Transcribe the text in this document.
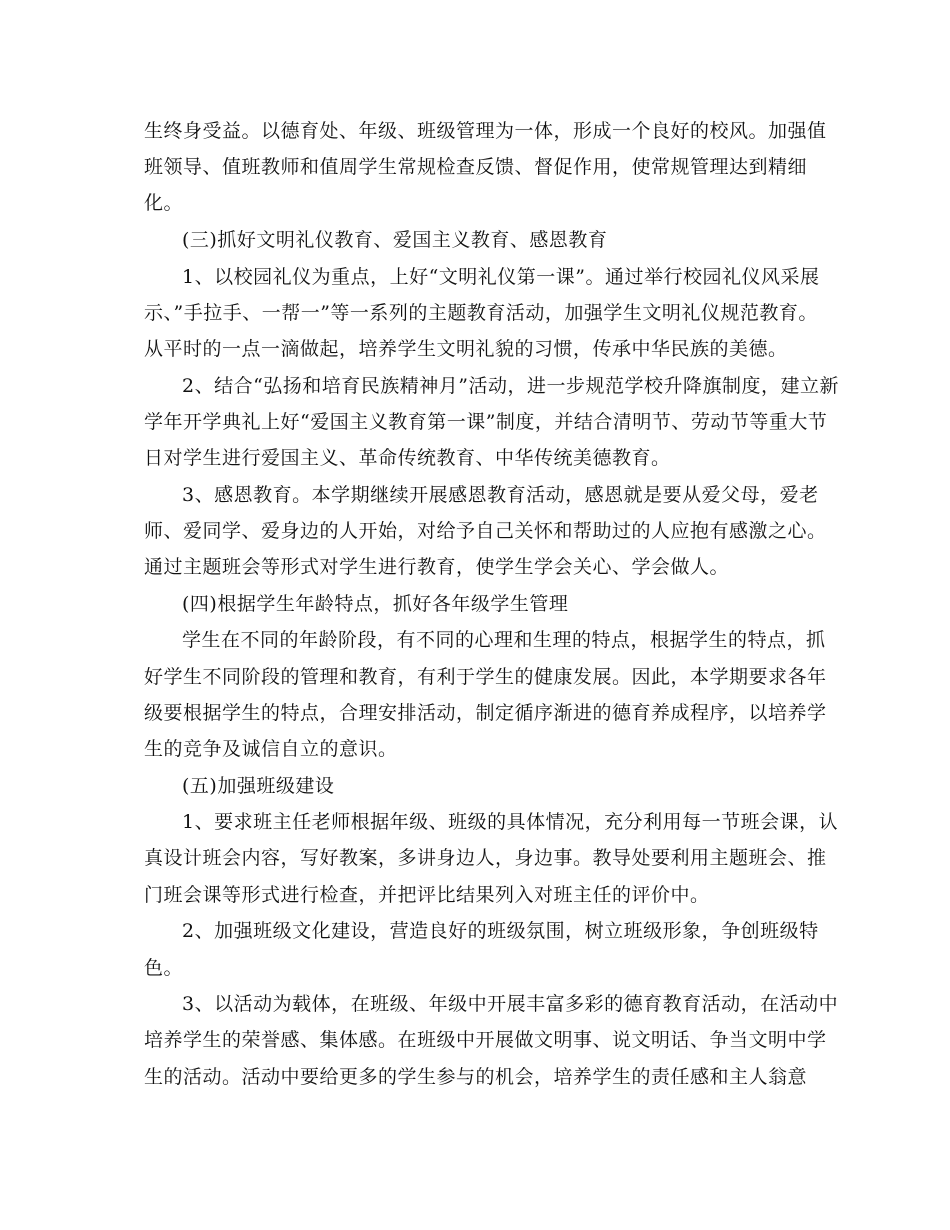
生终身受益。以德育处、年级、班级管理为一体，形成一个良好的校风。加强值
班领导、值班教师和值周学生常规检查反馈、督促作用，使常规管理达到精细
化。
(三)抓好文明礼仪教育、爱国主义教育、感恩教育
1、以校园礼仪为重点，上好“文明礼仪第一课”。通过举行校园礼仪风采展
示、”手拉手、一帮一”等一系列的主题教育活动，加强学生文明礼仪规范教育。
从平时的一点一滴做起，培养学生文明礼貌的习惯，传承中华民族的美德。
2、结合“弘扬和培育民族精神月”活动，进一步规范学校升降旗制度，建立新
学年开学典礼上好“爱国主义教育第一课”制度，并结合清明节、劳动节等重大节
日对学生进行爱国主义、革命传统教育、中华传统美德教育。
3、感恩教育。本学期继续开展感恩教育活动，感恩就是要从爱父母，爱老
师、爱同学、爱身边的人开始，对给予自己关怀和帮助过的人应抱有感激之心。
通过主题班会等形式对学生进行教育，使学生学会关心、学会做人。
(四)根据学生年龄特点，抓好各年级学生管理
学生在不同的年龄阶段，有不同的心理和生理的特点，根据学生的特点，抓
好学生不同阶段的管理和教育，有利于学生的健康发展。因此，本学期要求各年
级要根据学生的特点，合理安排活动，制定循序渐进的德育养成程序，以培养学
生的竞争及诚信自立的意识。
(五)加强班级建设
1、要求班主任老师根据年级、班级的具体情况，充分利用每一节班会课，认
真设计班会内容，写好教案，多讲身边人，身边事。教导处要利用主题班会、推
门班会课等形式进行检查，并把评比结果列入对班主任的评价中。
2、加强班级文化建设，营造良好的班级氛围，树立班级形象，争创班级特
色。
3、以活动为载体，在班级、年级中开展丰富多彩的德育教育活动，在活动中
培养学生的荣誉感、集体感。在班级中开展做文明事、说文明话、争当文明中学
生的活动。活动中要给更多的学生参与的机会，培养学生的责任感和主人翁意
